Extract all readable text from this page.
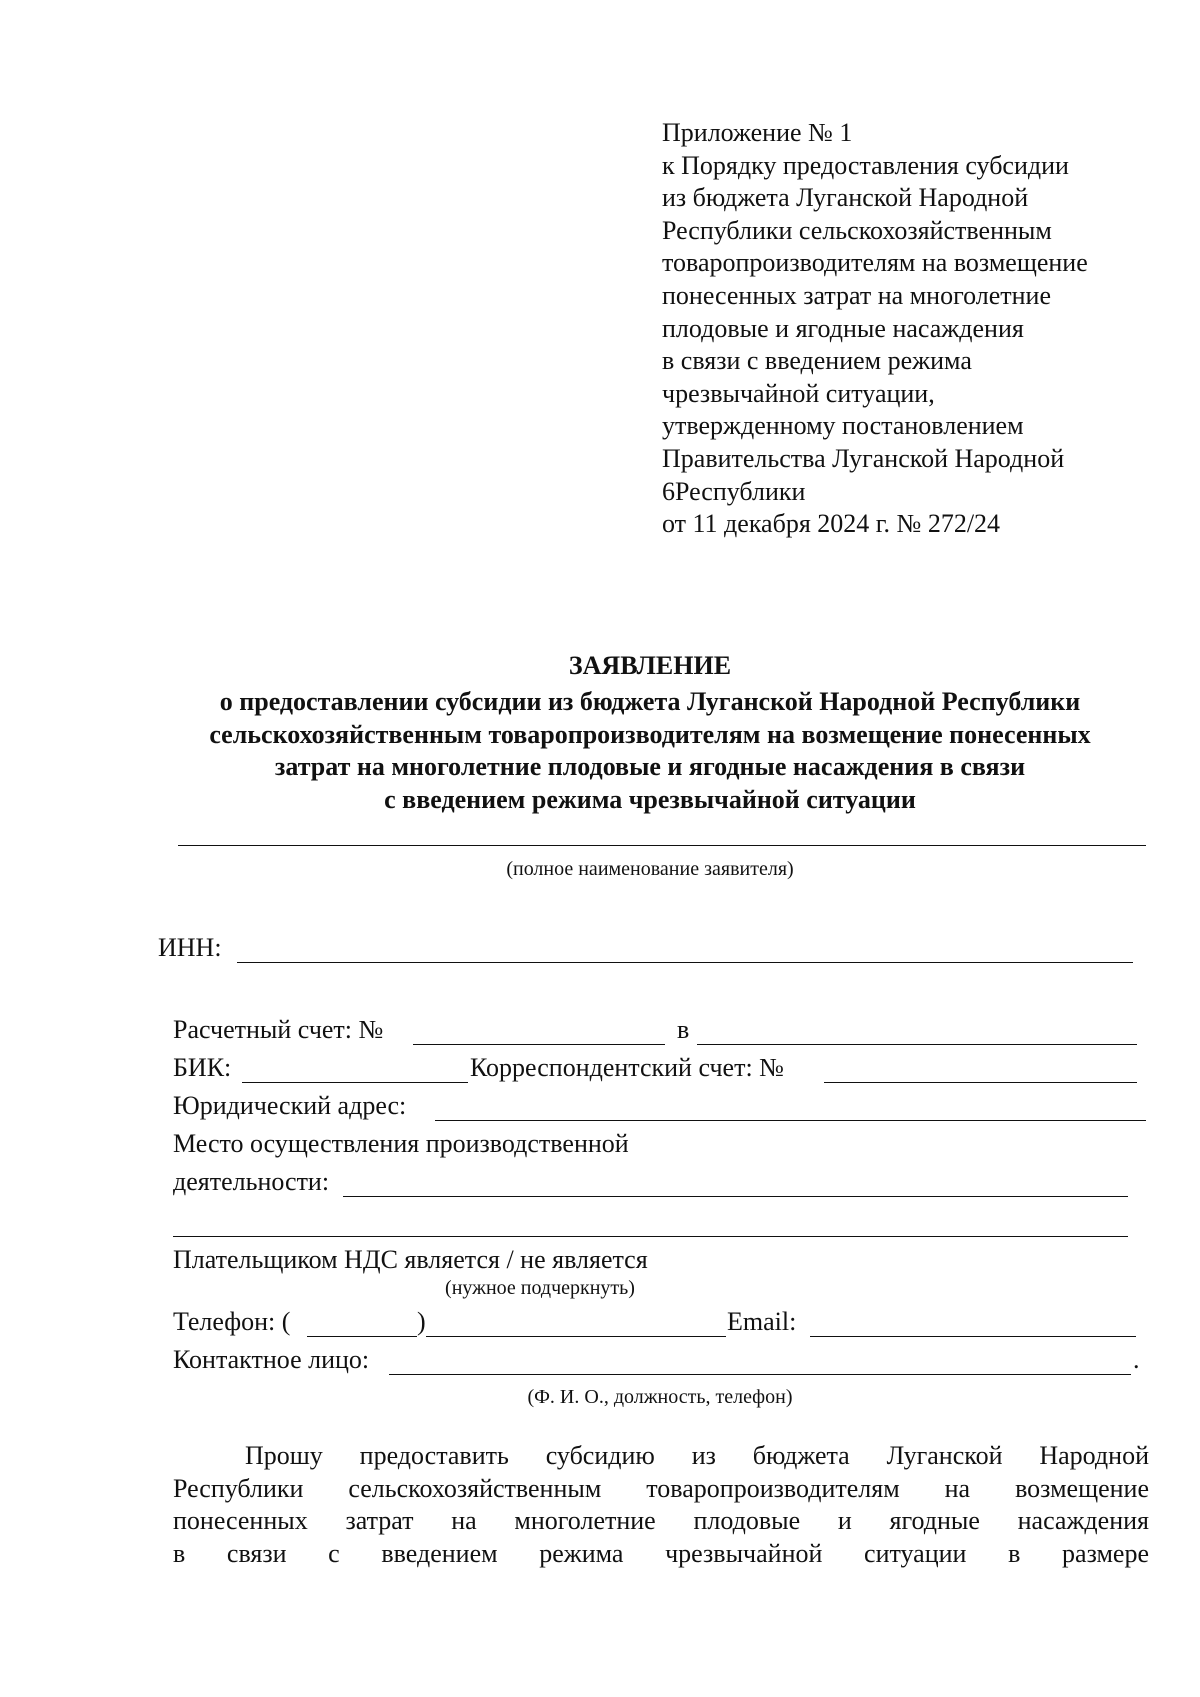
Приложение № 1
к Порядку предоставления субсидии
из бюджета Луганской Народной
Республики сельскохозяйственным
товаропроизводителям на возмещение
понесенных затрат на многолетние
плодовые и ягодные насаждения
в связи с введением режима
чрезвычайной ситуации,
утвержденному постановлением
Правительства Луганской Народной
6Республики
от 11 декабря 2024 г. № 272/24
ЗАЯВЛЕНИЕ
о предоставлении субсидии из бюджета Луганской Народной Республики
сельскохозяйственным товаропроизводителям на возмещение понесенных
затрат на многолетние плодовые и ягодные насаждения в связи
с введением режима чрезвычайной ситуации
(полное наименование заявителя)
ИНН:
Расчетный счет: №	в
БИК:	Корреспондентский счет: №
Юридический адрес:
Место осуществления производственной
деятельности:
Плательщиком НДС является / не является
(нужное подчеркнуть)
Телефон: (	)	Email:
Контактное лицо:	.
(Ф. И. О., должность, телефон)
Прошу предоставить субсидию из бюджета Луганской Народной
Республики сельскохозяйственным товаропроизводителям на возмещение
понесенных затрат на многолетние плодовые и ягодные насаждения
в связи с введением режима чрезвычайной ситуации в размере
